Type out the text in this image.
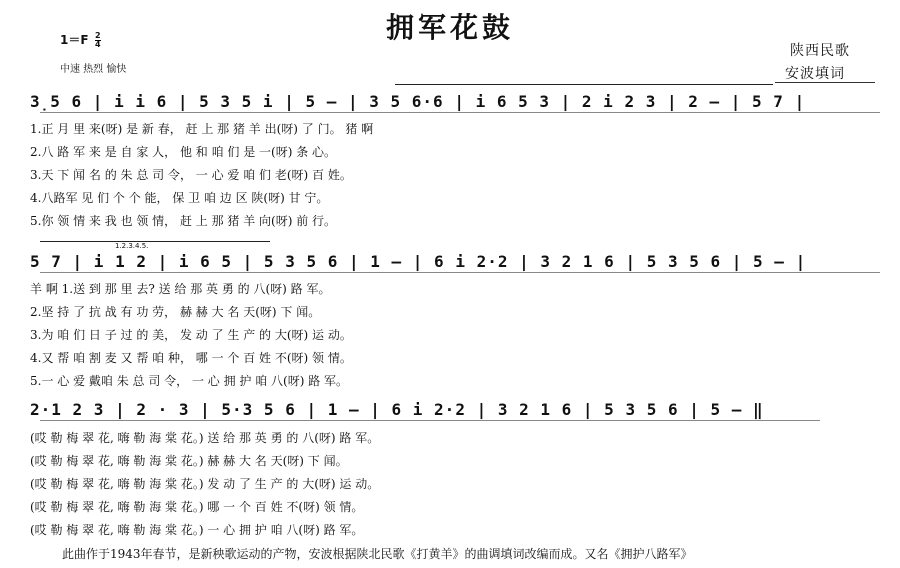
拥军花鼓
$1=F \frac{2}{4}$
中速 热烈 愉快
陕西民歌
安波填词
3̣5 6 | i i 6 | 5 3 5 i | 5 – | 3 5 6·6 | i 6 5 3 | 2 i 2 3 | 2 – | 5 7 |
1.正 月 里 来(呀) 是 新 春， 赶 上 那 猪 羊 出(呀) 了 门。 猪 啊
2.八 路 军 来 是 自 家 人， 他 和 咱 们 是 一(呀) 条 心。
3.天 下 闻 名 的 朱 总 司 令， 一 心 爱 咱 们 老(呀) 百 姓。
4.八路军 见 们 个 个 能， 保 卫 咱 边 区 陕(呀) 甘 宁。
5.你 领 情 来 我 也 领 情， 赶 上 那 猪 羊 向(呀) 前 行。
1.2.3.4.5.
5 7 | i 1 2 | i 6 5 | 5 3 5 6 | 1 – | 6 i 2·2 | 3 2 1 6 | 5 3 5 6 | 5 – |
羊 啊 1.送 到 那 里 去? 送 给 那 英 勇 的 八(呀) 路 军。
2.坚 持 了 抗 战 有 功 劳， 赫 赫 大 名 天(呀) 下 闻。
3.为 咱 们 日 子 过 的 美， 发 动 了 生 产 的 大(呀) 运 动。
4.又 帮 咱 割 麦 又 帮 咱 种， 哪 一 个 百 姓 不(呀) 领 情。
5.一 心 爱 戴咱 朱 总 司 令， 一 心 拥 护 咱 八(呀) 路 军。
2·1 2 3 | 2 · 3 | 5·3 5 6 | 1 – | 6 i 2·2 | 3 2 1 6 | 5 3 5 6 | 5 – ‖
(哎 勒 梅 翠 花, 嗨 勒 海 棠 花。) 送 给 那 英 勇 的 八(呀) 路 军。
(哎 勒 梅 翠 花, 嗨 勒 海 棠 花。) 赫 赫 大 名 天(呀) 下 闻。
(哎 勒 梅 翠 花, 嗨 勒 海 棠 花。) 发 动 了 生 产 的 大(呀) 运 动。
(哎 勒 梅 翠 花, 嗨 勒 海 棠 花。) 哪 一 个 百 姓 不(呀) 领 情。
(哎 勒 梅 翠 花, 嗨 勒 海 棠 花。) 一 心 拥 护 咱 八(呀) 路 军。
此曲作于1943年春节，是新秧歌运动的产物，安波根据陕北民歌《打黄羊》的曲调填词改编而成。又名《拥护八路军》
